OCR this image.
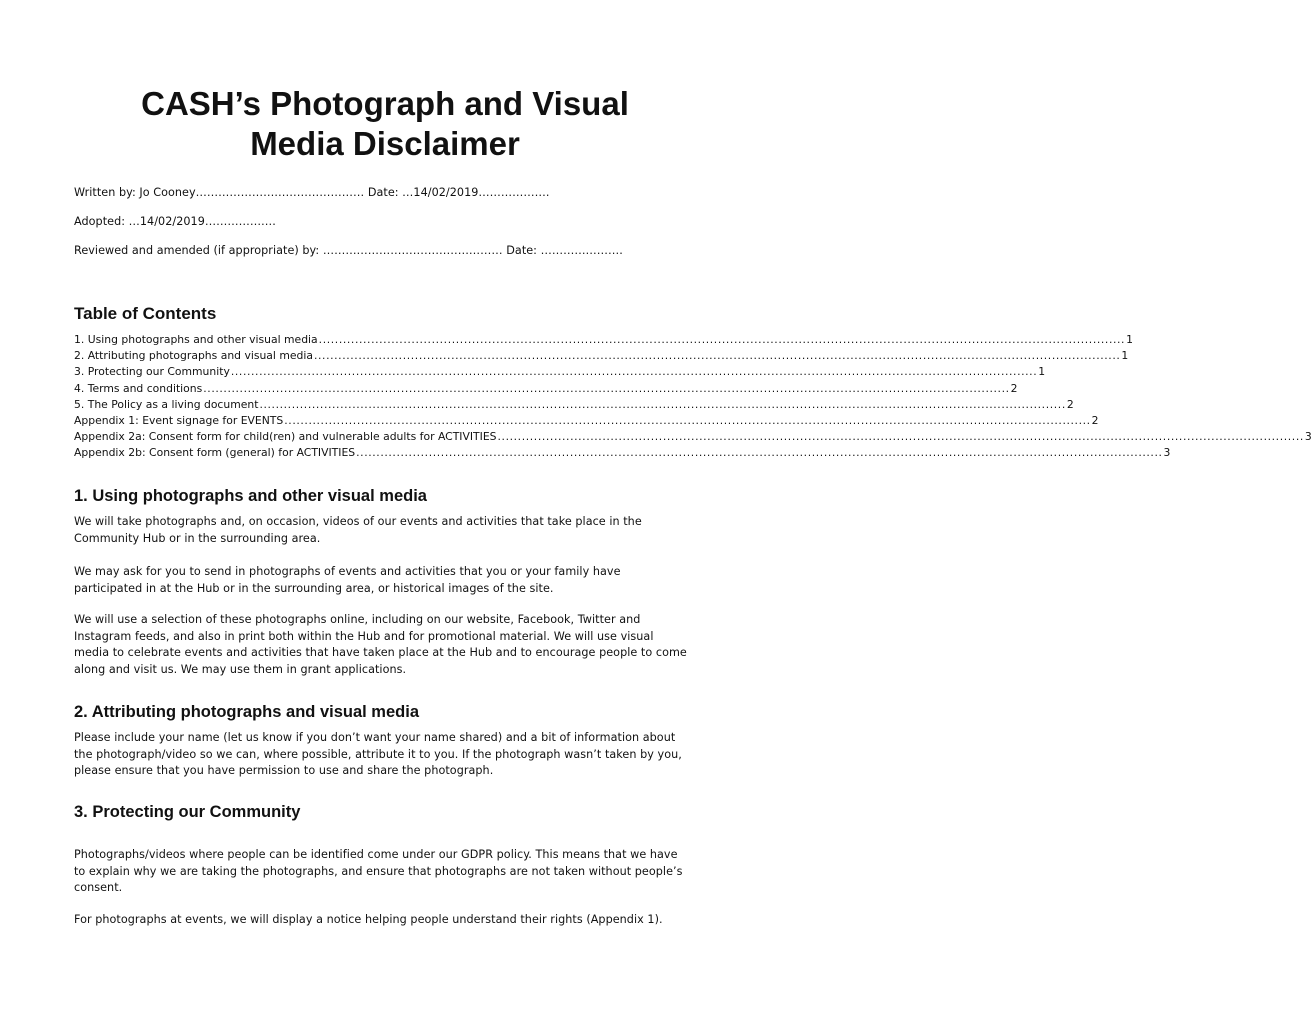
CASH’s Photograph and Visual
Media Disclaimer
Written by: Jo Cooney……………………………………… Date: …14/02/2019……………….
Adopted: …14/02/2019……………….
Reviewed and amended (if appropriate) by: ………………………………………… Date: ………………….
Table of Contents
1. Using photographs and other visual media ........................................................................................................................................................................................................ 1
2. Attributing photographs and visual media ........................................................................................................................................................................................................ 1
3. Protecting our Community ........................................................................................................................................................................................................ 1
4. Terms and conditions ........................................................................................................................................................................................................ 2
5. The Policy as a living document ........................................................................................................................................................................................................ 2
Appendix 1: Event signage for EVENTS ........................................................................................................................................................................................................ 2
Appendix 2a: Consent form for child(ren) and vulnerable adults for ACTIVITIES ........................................................................................................................................................................................................ 3
Appendix 2b: Consent form (general) for ACTIVITIES ........................................................................................................................................................................................................ 3
1. Using photographs and other visual media
We will take photographs and, on occasion, videos of our events and activities that take place in the
Community Hub or in the surrounding area.
We may ask for you to send in photographs of events and activities that you or your family have
participated in at the Hub or in the surrounding area, or historical images of the site.
We will use a selection of these photographs online, including on our website, Facebook, Twitter and
Instagram feeds, and also in print both within the Hub and for promotional material. We will use visual
media to celebrate events and activities that have taken place at the Hub and to encourage people to come
along and visit us. We may use them in grant applications.
2. Attributing photographs and visual media
Please include your name (let us know if you don’t want your name shared) and a bit of information about
the photograph/video so we can, where possible, attribute it to you. If the photograph wasn’t taken by you,
please ensure that you have permission to use and share the photograph.
3. Protecting our Community
Photographs/videos where people can be identified come under our GDPR policy. This means that we have
to explain why we are taking the photographs, and ensure that photographs are not taken without people’s
consent.
For photographs at events, we will display a notice helping people understand their rights (Appendix 1).
